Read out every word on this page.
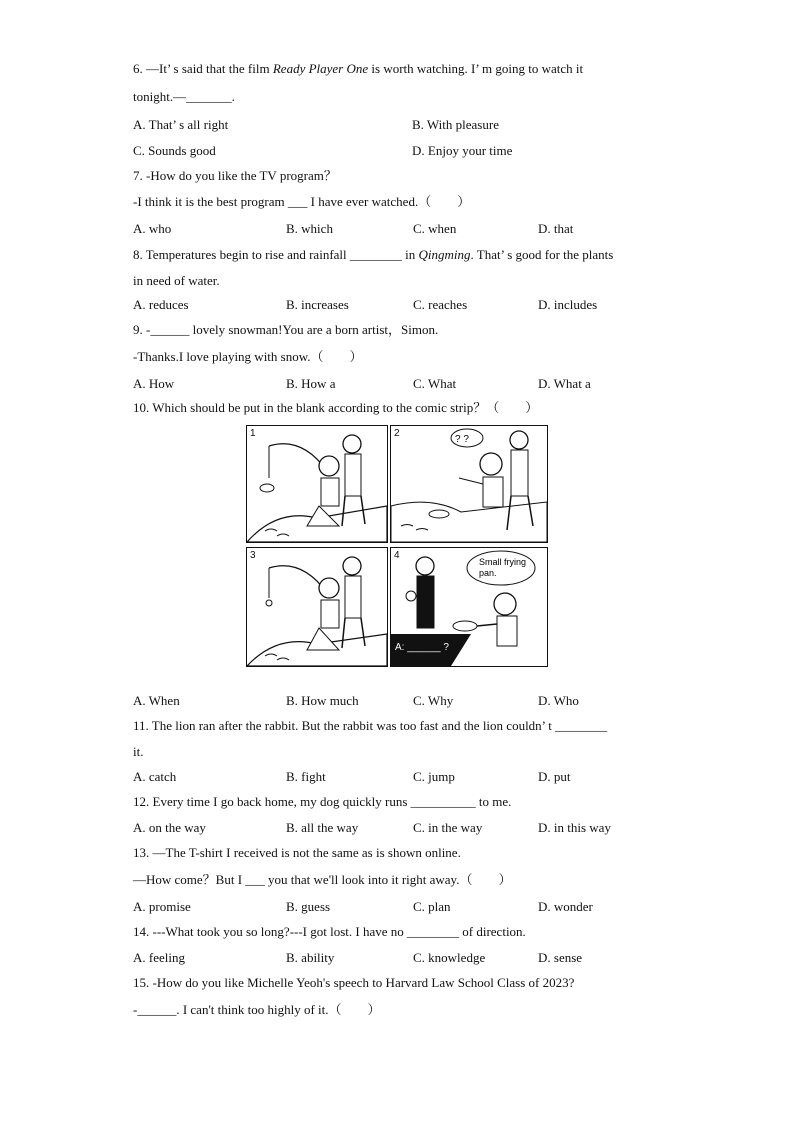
6. —It’ s said that the film Ready Player One is worth watching. I’ m going to watch it
tonight.—_______.
A. That’ s all right	B. With pleasure
C. Sounds good	D. Enjoy your time
7. -How do you like the TV program？
-I think it is the best program ___ I have ever watched.（　　）
A. who	B. which	C. when	D. that
8. Temperatures begin to rise and rainfall ________ in Qingming. That’ s good for the plants
in need of water.
A. reduces	B. increases	C. reaches	D. includes
9. -______ lovely snowman!You are a born artist，Simon.
-Thanks.I love playing with snow.（　　）
A. How	B. How a	C. What	D. What a
10. Which should be put in the blank according to the comic strip？（　　）
1	2
? ?
3	4
Small frying
pan.
A: ______ ?
A. When	B. How much	C. Why	D. Who
11. The lion ran after the rabbit. But the rabbit was too fast and the lion couldn’ t ________
it.
A. catch	B. fight	C. jump	D. put
12. Every time I go back home, my dog quickly runs __________ to me.
A. on the way	B. all the way	C. in the way	D. in this way
13. —The T-shirt I received is not the same as is shown online.
—How come？But I ___ you that we'll look into it right away.（　　）
A. promise	B. guess	C. plan	D. wonder
14. ---What took you so long?---I got lost. I have no ________ of direction.
A. feeling	B. ability	C. knowledge	D. sense
15. -How do you like Michelle Yeoh's speech to Harvard Law School Class of 2023?
-______. I can't think too highly of it.（　　）
